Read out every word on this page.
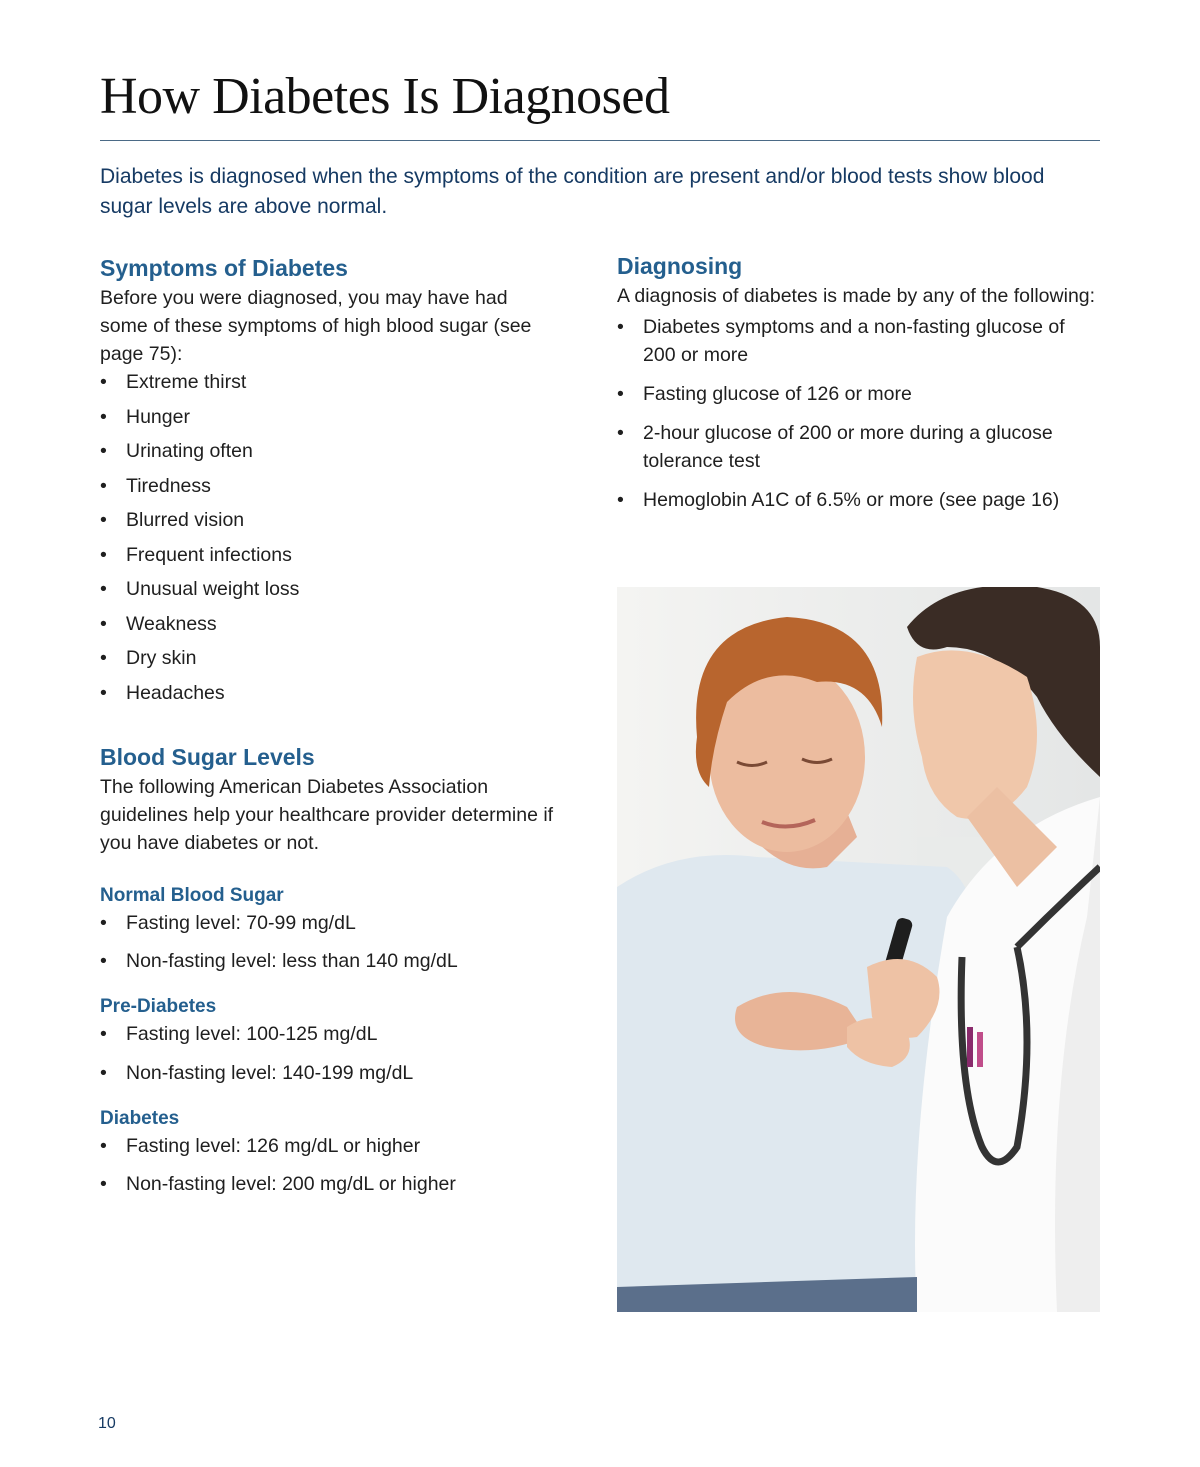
How Diabetes Is Diagnosed

Diabetes is diagnosed when the symptoms of the condition are present and/or blood tests show blood sugar levels are above normal.

Symptoms of Diabetes

Before you were diagnosed, you may have had some of these symptoms of high blood sugar (see page 75):

• Extreme thirst
• Hunger
• Urinating often
• Tiredness
• Blurred vision
• Frequent infections
• Unusual weight loss
• Weakness
• Dry skin
• Headaches
Blood Sugar Levels

The following American Diabetes Association guidelines help your healthcare provider determine if you have diabetes or not.

Normal Blood Sugar
• Fasting level: 70-99 mg/dL
• Non-fasting level: less than 140 mg/dL
Pre-Diabetes
• Fasting level: 100-125 mg/dL
• Non-fasting level: 140-199 mg/dL
Diabetes
• Fasting level: 126 mg/dL or higher
• Non-fasting level: 200 mg/dL or higher
Diagnosing

A diagnosis of diabetes is made by any of the following:

• Diabetes symptoms and a non-fasting glucose of 200 or more
• Fasting glucose of 126 or more
• 2-hour glucose of 200 or more during a glucose tolerance test
• Hemoglobin A1C of 6.5% or more (see page 16)
10
